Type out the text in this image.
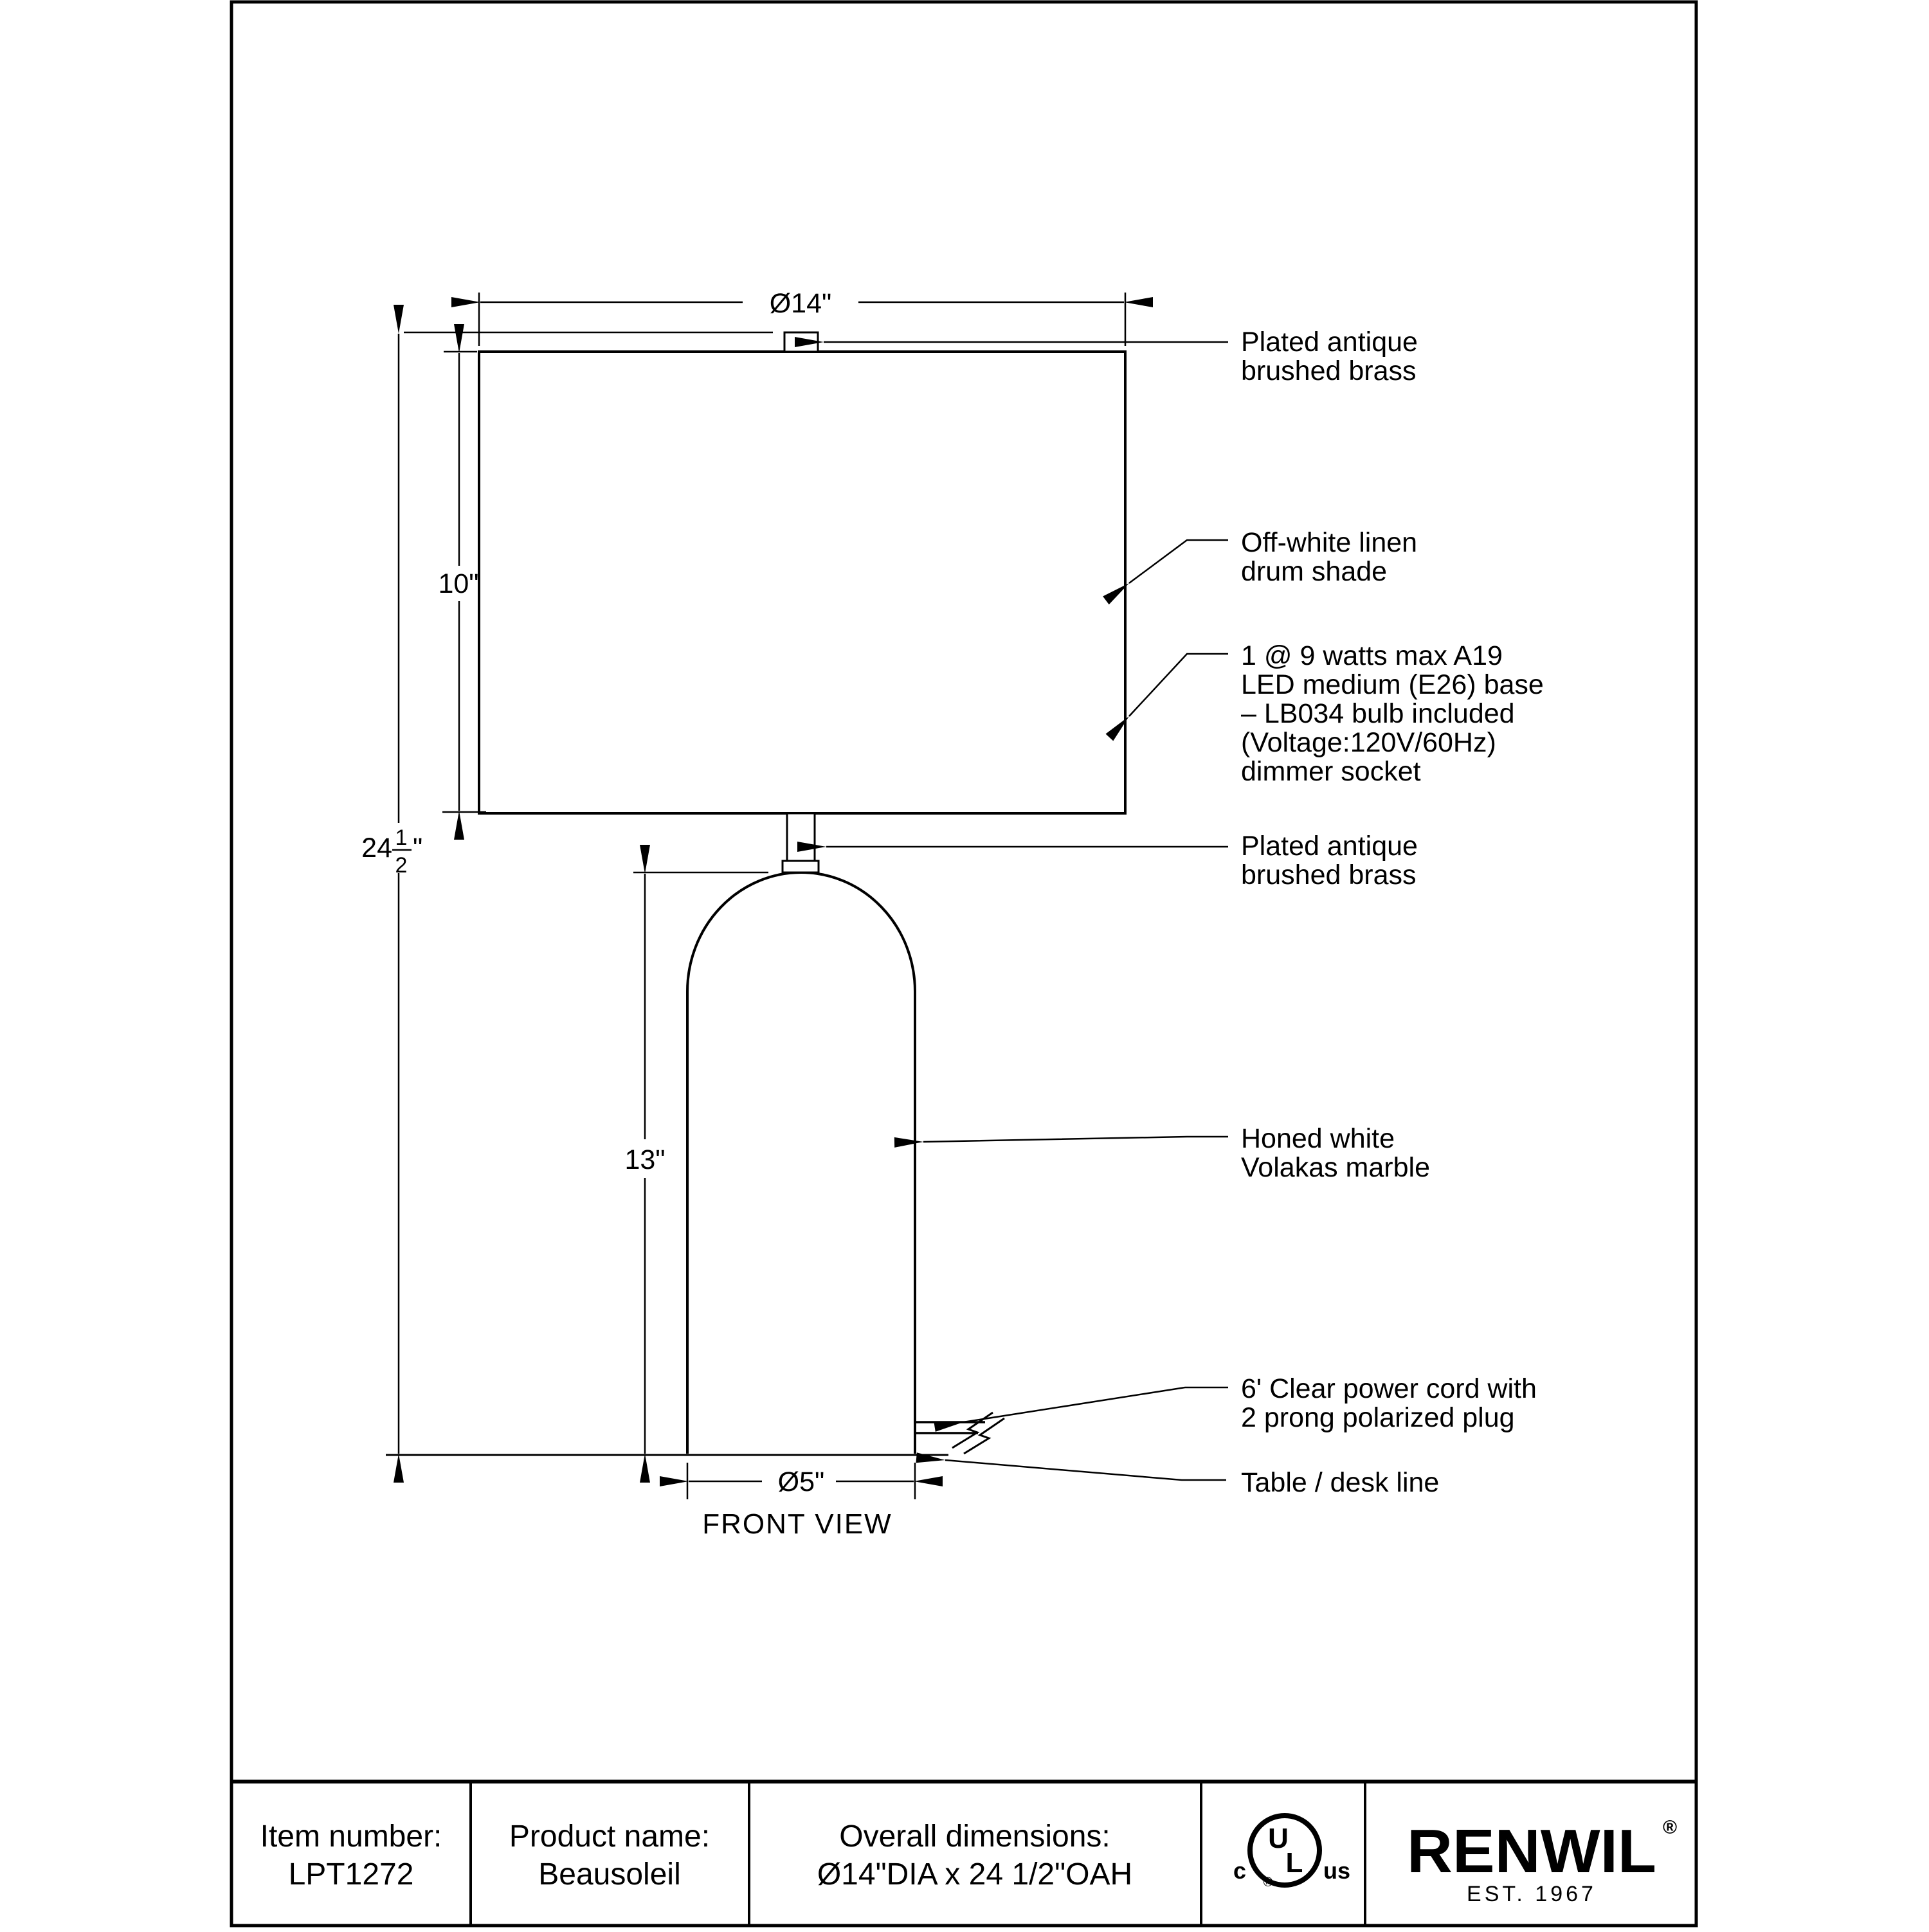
Ø14"
10"
24 1
2
"
13"
Ø5"
FRONT VIEW
Plated antique
brushed brass
Off-white linen
drum shade
1 @ 9 watts max A19
LED medium (E26) base
– LB034 bulb included
(Voltage:120V/60Hz)
dimmer socket
Plated antique
brushed brass
Honed white
Volakas marble
6' Clear power cord with
2 prong polarized plug
Table / desk line
Item number:
LPT1272
Product name:
Beausoleil
Overall dimensions:
Ø14"DIA x 24 1/2"OAH
U
L
c	us
® RENWIL ®
EST. 1967
